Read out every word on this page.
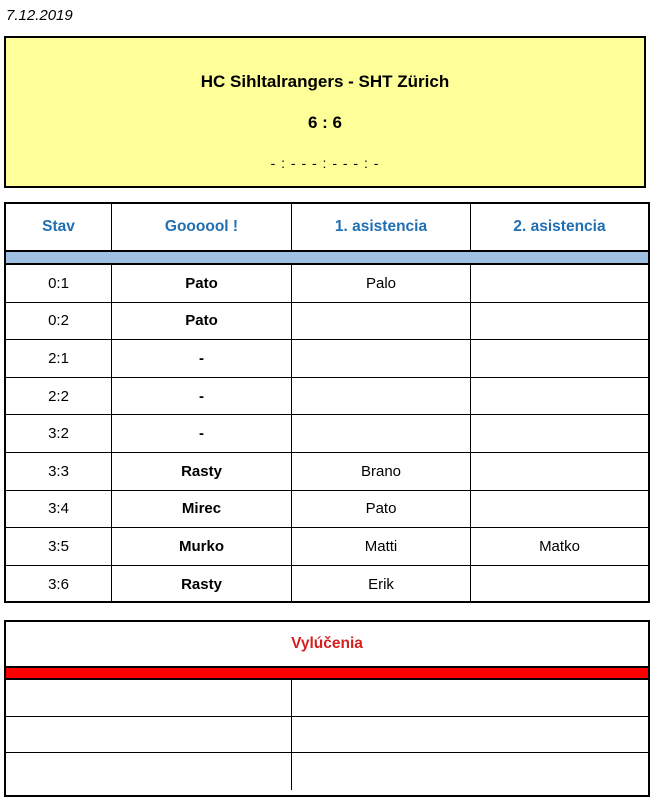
7.12.2019
HC Sihltalrangers - SHT Zürich
6 : 6
- : - - - : - - - : -
Stav	Goooool !	1. asistencia	2. asistencia
0:1	Pato	Palo
0:2	Pato
2:1	-
2:2	-
3:2	-
3:3	Rasty	Brano
3:4	Mirec	Pato
3:5	Murko	Matti	Matko
3:6	Rasty	Erik
Vylúčenia
